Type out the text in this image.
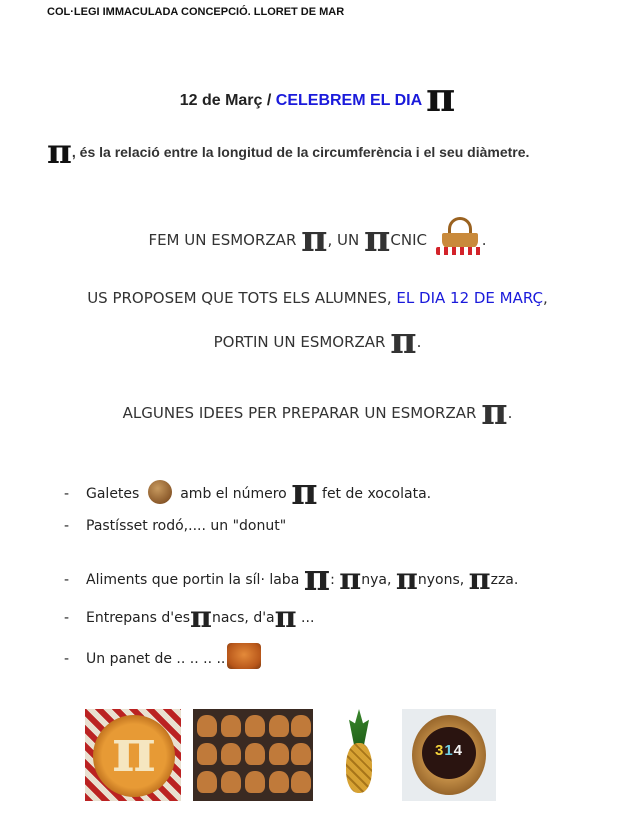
COL·LEGI IMMACULADA CONCEPCIÓ. LLORET DE MAR
12 de Març / CELEBREM EL DIA π
π, és la relació entre la longitud de la circumferència i el seu diàmetre.
FEM UN ESMORZAR π, UN πCNIC	.
US PROPOSEM QUE TOTS ELS ALUMNES, EL DIA 12 DE MARÇ,
PORTIN UN ESMORZAR π.
ALGUNES IDEES PER PREPARAR UN ESMORZAR π.
- Galetes  amb el número π fet de xocolata.
- Pastísset rodó,.... un "donut"
- Aliments que portin la síl· laba π: πnya, πnyons, πzza.
- Entrepans d'esπnacs, d'aπ ...
- Un panet de .. .. .. ..
π	314
